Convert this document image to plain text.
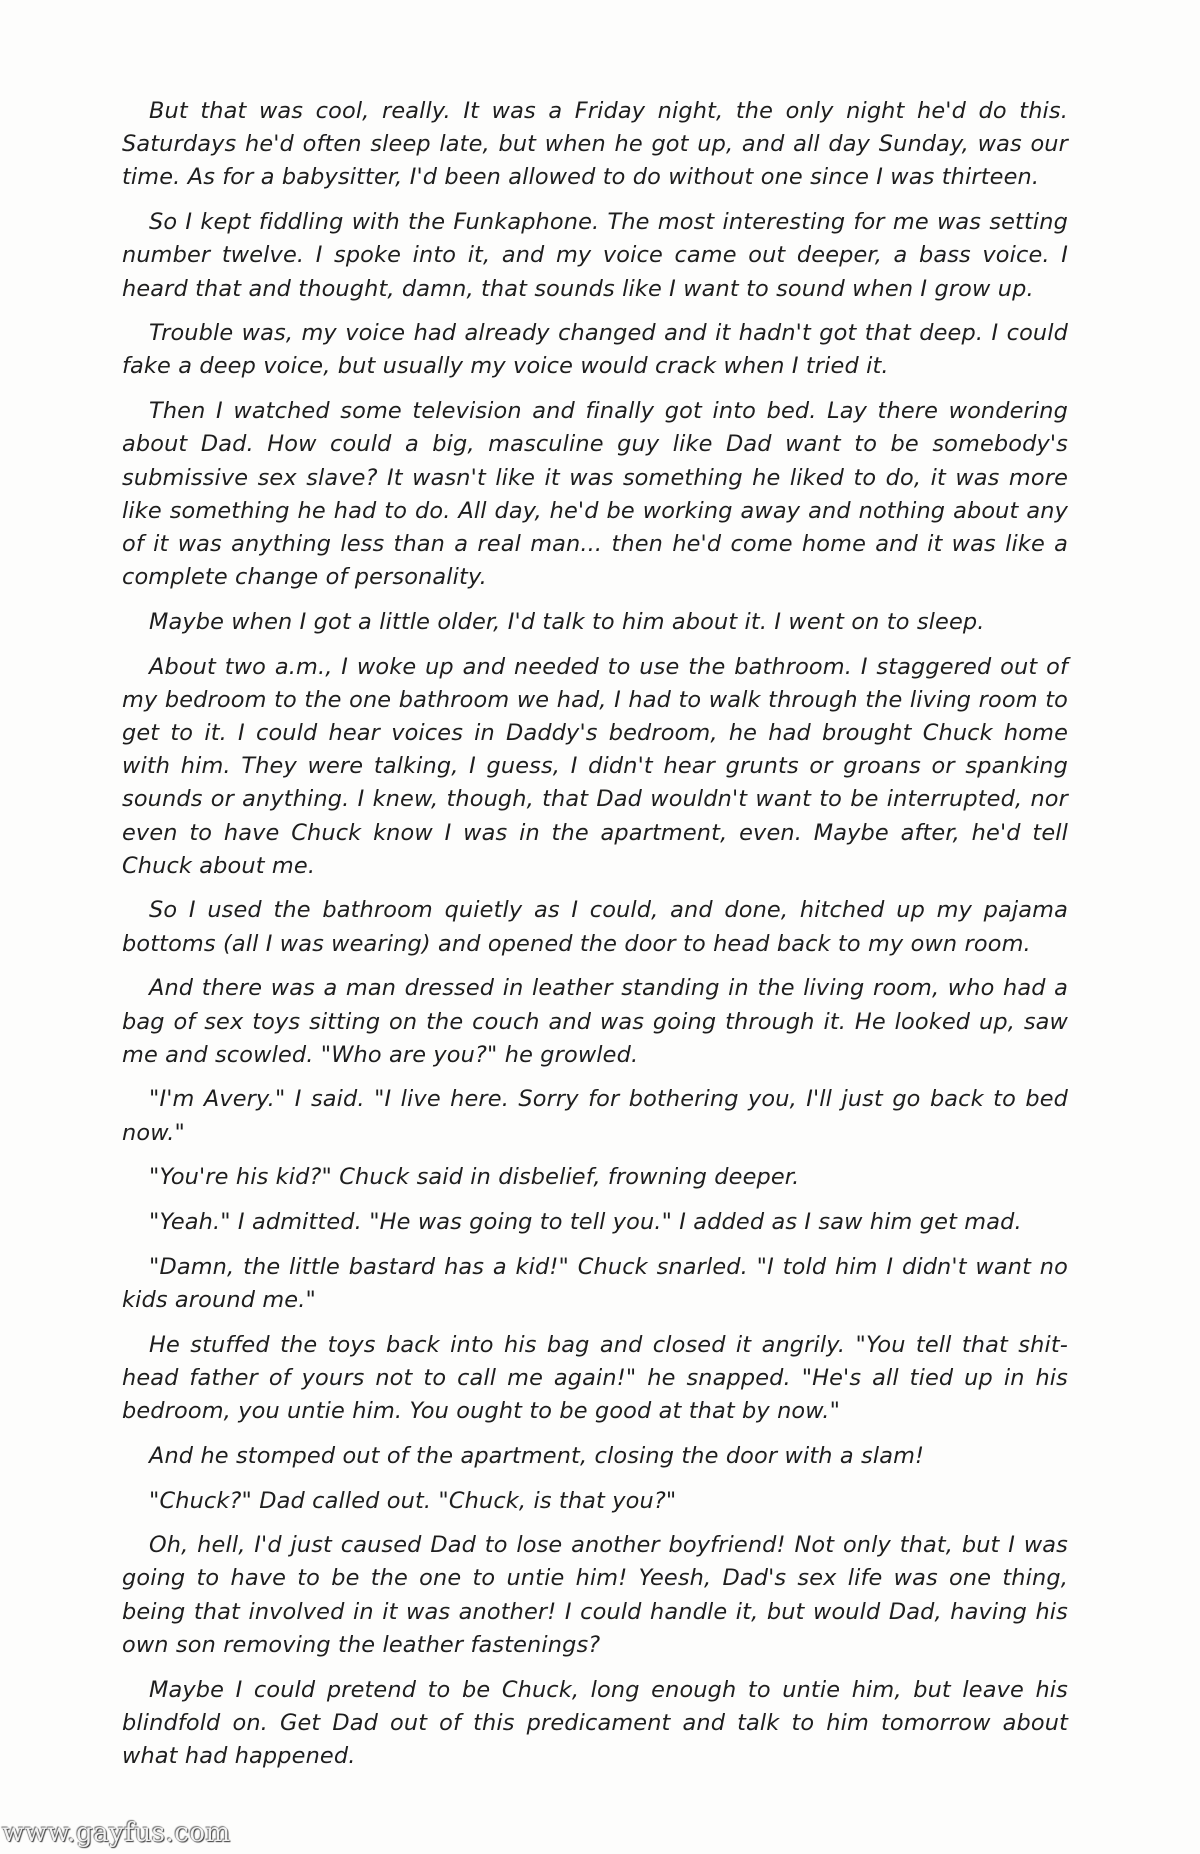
But that was cool, really. It was a Friday night, the only night he'd do this. Saturdays he'd often sleep late, but when he got up, and all day Sunday, was our time. As for a babysitter, I'd been allowed to do without one since I was thirteen.

So I kept fiddling with the Funkaphone. The most interesting for me was setting number twelve. I spoke into it, and my voice came out deeper, a bass voice. I heard that and thought, damn, that sounds like I want to sound when I grow up.

Trouble was, my voice had already changed and it hadn't got that deep. I could fake a deep voice, but usually my voice would crack when I tried it.

Then I watched some television and finally got into bed. Lay there wondering about Dad. How could a big, masculine guy like Dad want to be somebody's submissive sex slave? It wasn't like it was something he liked to do, it was more like something he had to do. All day, he'd be working away and nothing about any of it was anything less than a real man... then he'd come home and it was like a complete change of personality.

Maybe when I got a little older, I'd talk to him about it. I went on to sleep.

About two a.m., I woke up and needed to use the bathroom. I staggered out of my bedroom to the one bathroom we had, I had to walk through the living room to get to it. I could hear voices in Daddy's bedroom, he had brought Chuck home with him. They were talking, I guess, I didn't hear grunts or groans or spanking sounds or anything. I knew, though, that Dad wouldn't want to be interrupted, nor even to have Chuck know I was in the apartment, even. Maybe after, he'd tell Chuck about me.

So I used the bathroom quietly as I could, and done, hitched up my pajama bottoms (all I was wearing) and opened the door to head back to my own room.

And there was a man dressed in leather standing in the living room, who had a bag of sex toys sitting on the couch and was going through it. He looked up, saw me and scowled. "Who are you?" he growled.

"I'm Avery." I said. "I live here. Sorry for bothering you, I'll just go back to bed now."

"You're his kid?" Chuck said in disbelief, frowning deeper.

"Yeah." I admitted. "He was going to tell you." I added as I saw him get mad.

"Damn, the little bastard has a kid!" Chuck snarled. "I told him I didn't want no kids around me."

He stuffed the toys back into his bag and closed it angrily. "You tell that shit-head father of yours not to call me again!" he snapped. "He's all tied up in his bedroom, you untie him. You ought to be good at that by now."

And he stomped out of the apartment, closing the door with a slam!

"Chuck?" Dad called out. "Chuck, is that you?"

Oh, hell, I'd just caused Dad to lose another boyfriend! Not only that, but I was going to have to be the one to untie him! Yeesh, Dad's sex life was one thing, being that involved in it was another! I could handle it, but would Dad, having his own son removing the leather fastenings?

Maybe I could pretend to be Chuck, long enough to untie him, but leave his blindfold on. Get Dad out of this predicament and talk to him tomorrow about what had happened.

www.gayfus.com
